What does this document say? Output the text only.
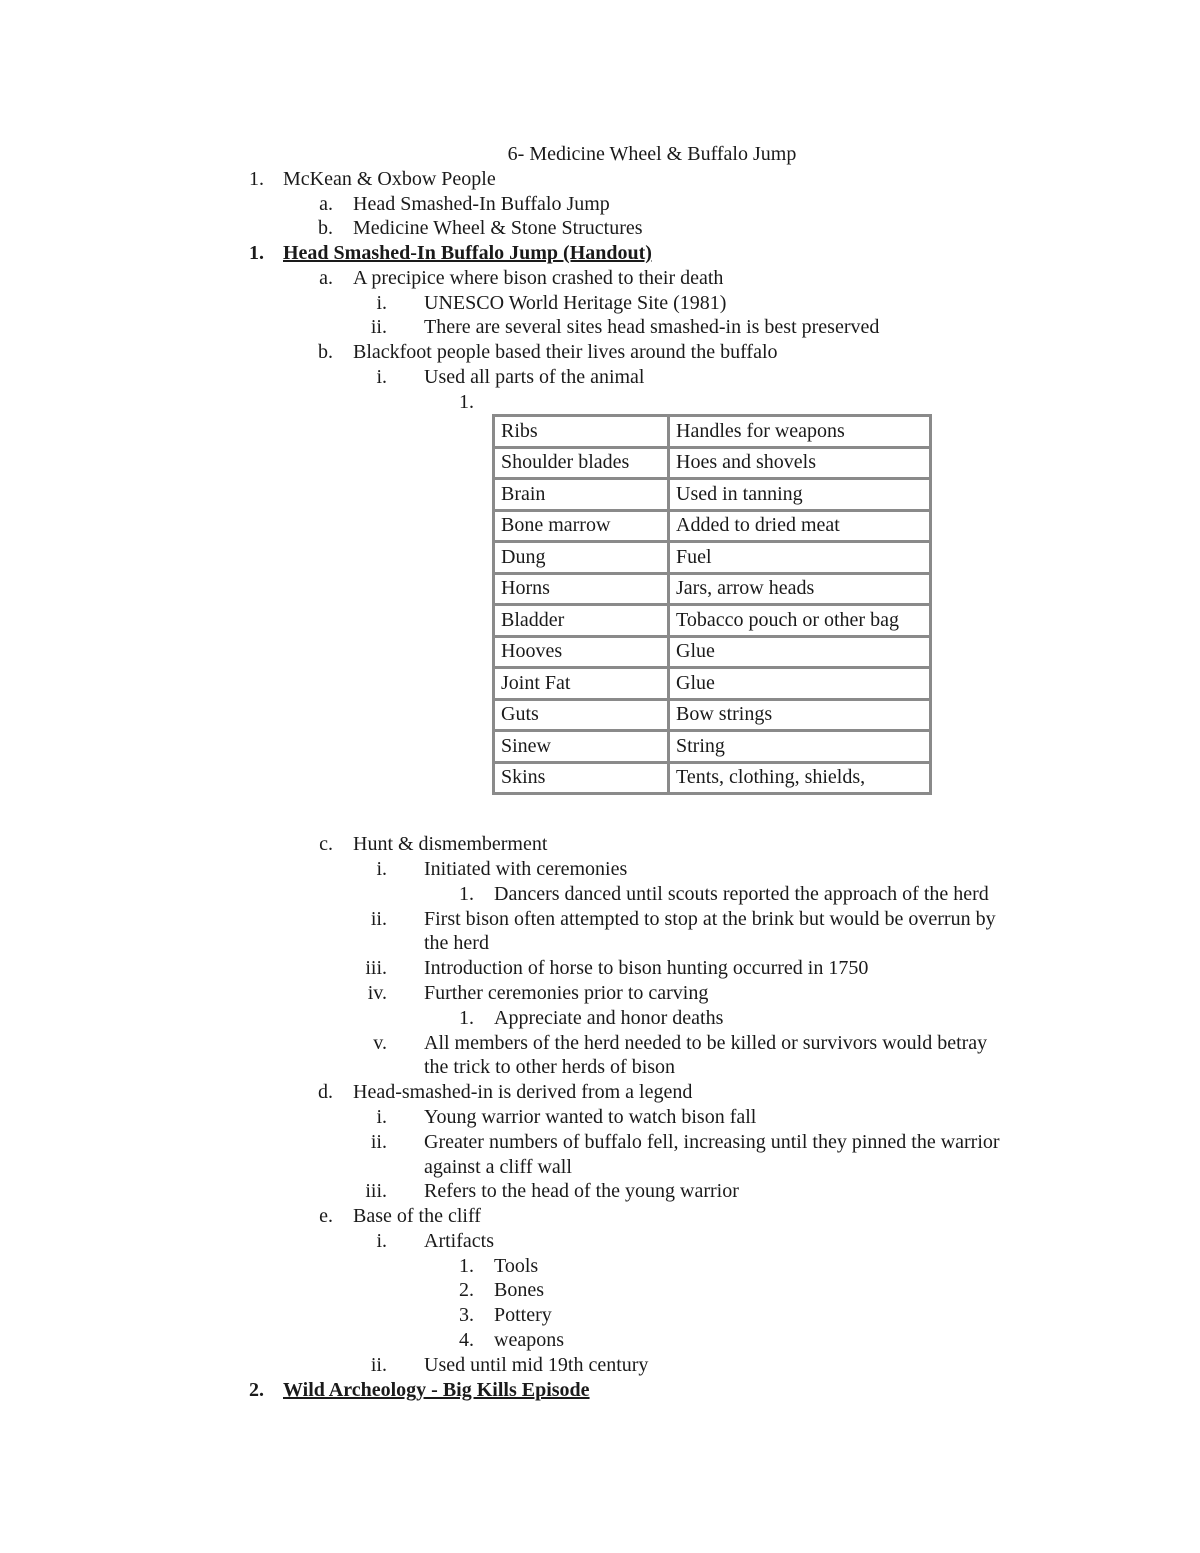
6- Medicine Wheel & Buffalo Jump
1. McKean & Oxbow People
a. Head Smashed-In Buffalo Jump
b. Medicine Wheel & Stone Structures
1. Head Smashed-In Buffalo Jump (Handout)
a. A precipice where bison crashed to their death
i. UNESCO World Heritage Site (1981)
ii. There are several sites head smashed-in is best preserved
b. Blackfoot people based their lives around the buffalo
i. Used all parts of the animal
1.
c. Hunt & dismemberment
i. Initiated with ceremonies
1. Dancers danced until scouts reported the approach of the herd
ii. First bison often attempted to stop at the brink but would be overrun by
the herd
iii. Introduction of horse to bison hunting occurred in 1750
iv. Further ceremonies prior to carving
1. Appreciate and honor deaths
v. All members of the herd needed to be killed or survivors would betray
the trick to other herds of bison
d. Head-smashed-in is derived from a legend
i. Young warrior wanted to watch bison fall
ii. Greater numbers of buffalo fell, increasing until they pinned the warrior
against a cliff wall
iii. Refers to the head of the young warrior
e. Base of the cliff
i. Artifacts
1. Tools
2. Bones
3. Pottery
4. weapons
ii. Used until mid 19th century
2. Wild Archeology - Big Kills Episode
Ribs	Handles for weapons
Shoulder blades	Hoes and shovels
Brain	Used in tanning
Bone marrow	Added to dried meat
Dung	Fuel
Horns	Jars, arrow heads
Bladder	Tobacco pouch or other bag
Hooves	Glue
Joint Fat	Glue
Guts	Bow strings
Sinew	String
Skins	Tents, clothing, shields,
